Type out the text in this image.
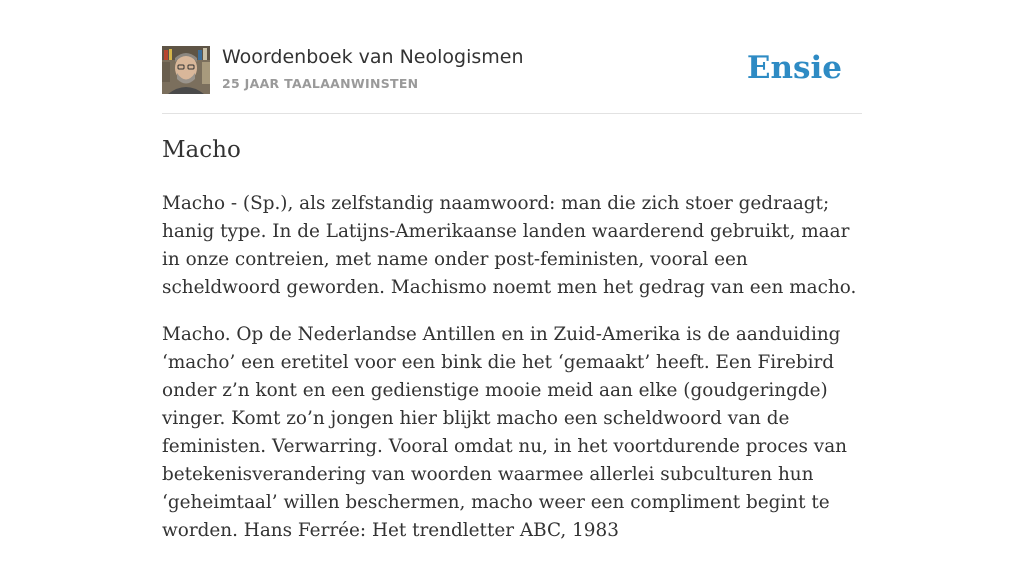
Woordenboek van Neologismen
25 JAAR TAALAANWINSTEN	Ensie
Macho

Macho - (Sp.), als zelfstandig naamwoord: man die zich stoer gedraagt; hanig type. In de Latijns-Amerikaanse landen waarderend gebruikt, maar in onze contreien, met name onder post-feministen, vooral een scheldwoord geworden. Machismo noemt men het gedrag van een macho.

Macho. Op de Nederlandse Antillen en in Zuid-Amerika is de aanduiding ‘macho’ een eretitel voor een bink die het ‘gemaakt’ heeft. Een Firebird onder z’n kont en een gedienstige mooie meid aan elke (goudgeringde) vinger. Komt zo’n jongen hier blijkt macho een scheldwoord van de feministen. Verwarring. Vooral omdat nu, in het voortdurende proces van betekenisverandering van woorden waarmee allerlei subculturen hun ‘geheimtaal’ willen beschermen, macho weer een compliment begint te worden. Hans Ferrée: Het trendletter ABC, 1983
